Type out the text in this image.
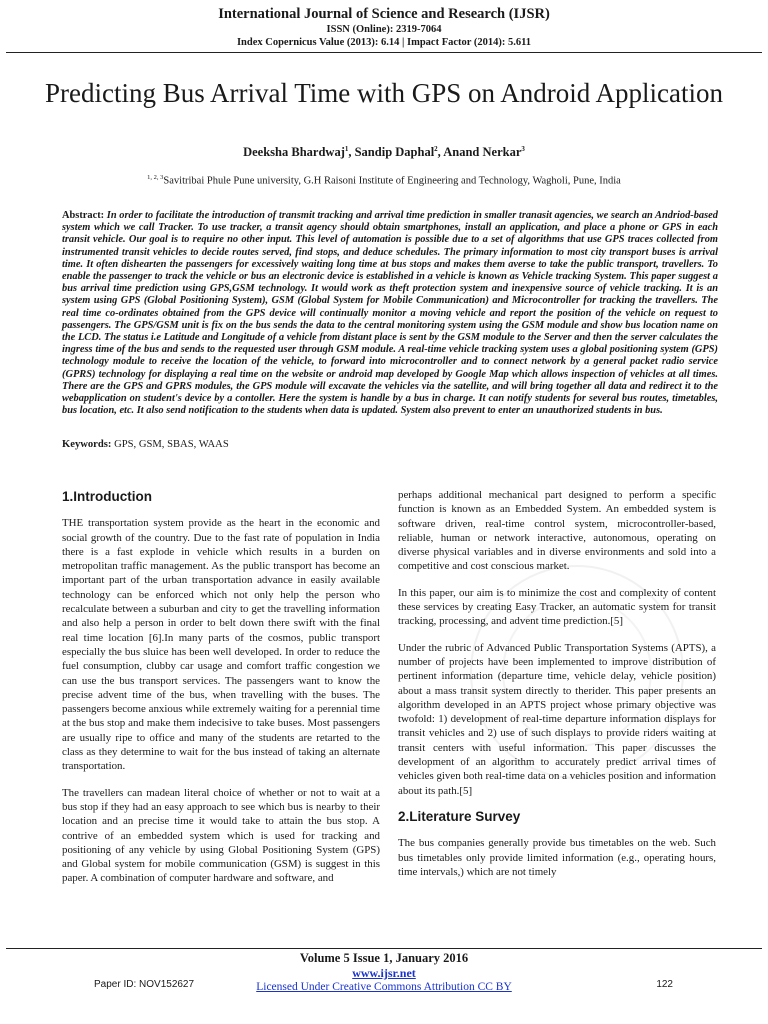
International Journal of Science and Research (IJSR)
ISSN (Online): 2319-7064
Index Copernicus Value (2013): 6.14 | Impact Factor (2014): 5.611
Predicting Bus Arrival Time with GPS on Android Application
Deeksha Bhardwaj$^1$, Sandip Daphal$^2$, Anand Nerkar$^3$
$^{1, 2, 3}$Savitribai Phule Pune university, G.H Raisoni Institute of Engineering and Technology, Wagholi, Pune, India
Abstract: In order to facilitate the introduction of transmit tracking and arrival time prediction in smaller tranasit agencies, we search an Andriod-based system which we call Tracker. To use tracker, a transit agency should obtain smartphones, install an application, and place a phone or GPS in each transit vehicle. Our goal is to require no other input. This level of automation is possible due to a set of algorithms that use GPS traces collected from instrumented transit vehicles to decide routes served, find stops, and deduce schedules. The primary information to most city transport buses is arrival time. It often dishearten the passengers for excessively waiting long time at bus stops and makes them averse to take the public transport, travellers. To enable the passenger to track the vehicle or bus an electronic device is established in a vehicle is known as Vehicle tracking System. This paper suggest a bus arrival time prediction using GPS,GSM technology. It would work as theft protection system and inexpensive source of vehicle tracking. It is an system using GPS (Global Positioning System), GSM (Global System for Mobile Communication) and Microcontroller for tracking the travellers. The real time co-ordinates obtained from the GPS device will continually monitor a moving vehicle and report the position of the vehicle on request to passengers. The GPS/GSM unit is fix on the bus sends the data to the central monitoring system using the GSM module and show bus location name on the LCD. The status i.e Latitude and Longitude of a vehicle from distant place is sent by the GSM module to the Server and then the server calculates the ingress time of the bus and sends to the requested user through GSM module. A real-time vehicle tracking system uses a global positioning system (GPS) technology module to receive the location of the vehicle, to forward into microcontroller and to connect network by a general packet radio service (GPRS) technology for displaying a real time on the website or android map developed by Google Map which allows inspection of vehicles at all times. There are the GPS and GPRS modules, the GPS module will excavate the vehicles via the satellite, and will bring together all data and redirect it to the webapplication on student's device by a contoller. Here the system is handle by a bus in charge. It can notify students for several bus routes, timetables, bus location, etc. It also send notification to the students when data is updated. System also prevent to enter an unauthorized students in bus.
Keywords: GPS, GSM, SBAS, WAAS
1.Introduction

THE transportation system provide as the heart in the economic and social growth of the country. Due to the fast rate of population in India there is a fast explode in vehicle which results in a burden on metropolitan traffic management. As the public transport has become an important part of the urban transportation advance in easily available technology can be enforced which not only help the person who recalculate between a suburban and city to get the travelling information and also help a person in order to belt down there swift with the final real time location [6].In many parts of the cosmos, public transport especially the bus sluice has been well developed. In order to reduce the fuel consumption, clubby car usage and comfort traffic congestion we can use the bus transport services. The passengers want to know the precise advent time of the bus, when travelling with the buses. The passengers become anxious while extremely waiting for a perennial time at the bus stop and make them indecisive to take buses. Most passengers are usually ripe to office and many of the students are retarted to the class as they determine to wait for the bus instead of taking an alternate transportation.

The travellers can madean literal choice of whether or not to wait at a bus stop if they had an easy approach to see which bus is nearby to their location and an precise time it would take to attain the bus stop. A contrive of an embedded system which is used for tracking and positioning of any vehicle by using Global Positioning System (GPS) and Global system for mobile communication (GSM) is suggest in this paper. A combination of computer hardware and software, and

perhaps additional mechanical part designed to perform a specific function is known as an Embedded System. An embedded system is software driven, real-time control system, microcontroller-based, reliable, human or network interactive, autonomous, operating on diverse physical variables and in diverse environments and sold into a competitive and cost conscious market.

In this paper, our aim is to minimize the cost and complexity of content these services by creating Easy Tracker, an automatic system for transit tracking, processing, and advent time prediction.[5]

Under the rubric of Advanced Public Transportation Systems (APTS), a number of projects have been implemented to improve distribution of pertinent information (departure time, vehicle delay, vehicle position) about a mass transit system directly to therider. This paper presents an algorithm developed in an APTS project whose primary objective was twofold: 1) development of real-time departure information displays for transit vehicles and 2) use of such displays to provide riders waiting at transit centers with useful information. This paper discusses the development of an algorithm to accurately predict arrival times of vehicles given both real-time data on a vehicles position and information about its path.[5]

2.Literature Survey

The bus companies generally provide bus timetables on the web. Such bus timetables only provide limited information (e.g., operating hours, time intervals,) which are not timely

Volume 5 Issue 1, January 2016
www.ijsr.net
Licensed Under Creative Commons Attribution CC BY
Paper ID: NOV152627	122
